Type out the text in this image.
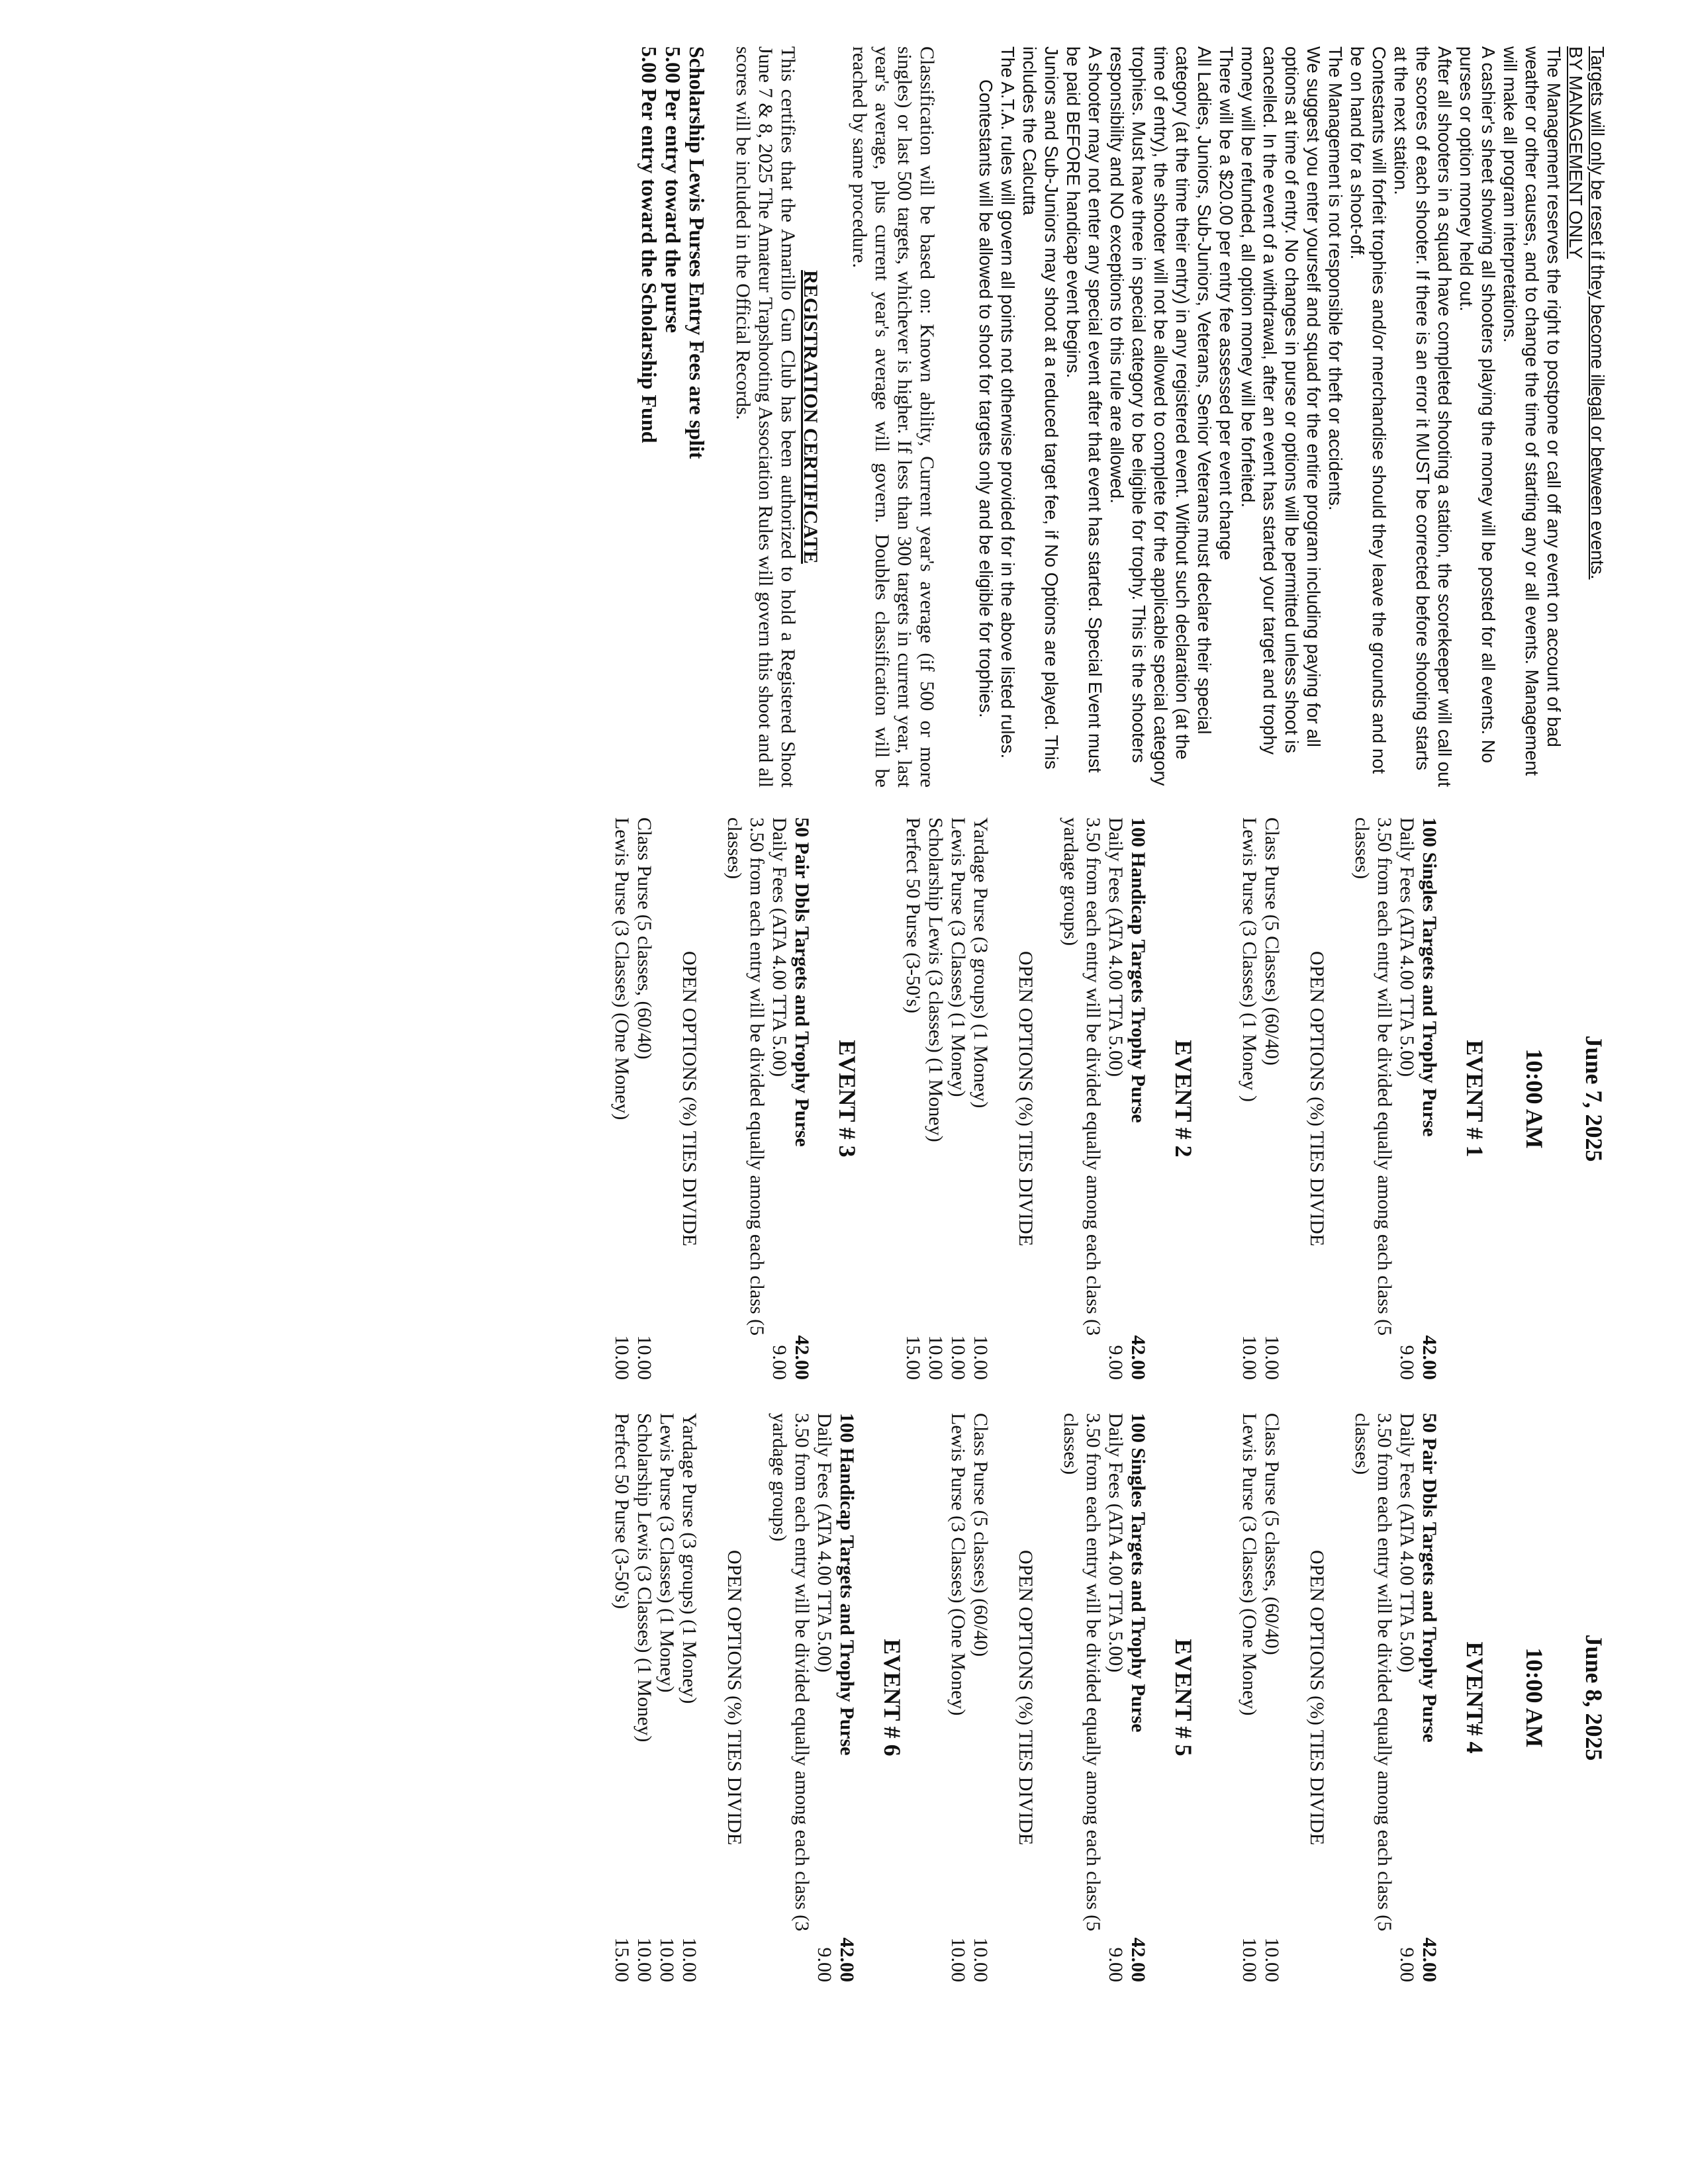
Targets will only be reset if they become illegal or between events.

BY MANAGEMENT ONLY

The Management reserves the right to postpone or call off any event on account of bad weather or other causes, and to change the time of starting any or all events. Management will make all program interpretations.

A cashier's sheet showing all shooters playing the money will be posted for all events. No purses or option money held out.

After all shooters in a squad have completed shooting a station, the scorekeeper will call out the scores of each shooter. If there is an error it MUST be corrected before shooting starts at the next station.

Contestants will forfeit trophies and/or merchandise should they leave the grounds and not be on hand for a shoot-off.

The Management is not responsible for theft or accidents.

We suggest you enter yourself and squad for the entire program including paying for all options at time of entry. No changes in purse or options will be permitted unless shoot is cancelled. In the event of a withdrawal, after an event has started your target and trophy money will be refunded, all option money will be forfeited.

There will be a $20.00 per entry fee assessed per event change

All Ladies, Juniors, Sub-Juniors, Veterans, Senior Veterans must declare their special category (at the time their entry) in any registered event. Without such declaration (at the time of entry), the shooter will not be allowed to complete for the applicable special category trophies. Must have three in special category to be eligible for trophy. This is the shooters responsibility and NO exceptions to this rule are allowed.

A shooter may not enter any special event after that event has started. Special Event must be paid BEFORE handicap event begins.

Juniors and Sub-Juniors may shoot at a reduced target fee, if No Options are played. This includes the Calcutta

The A.T.A. rules will govern all points not otherwise provided for in the above listed rules.

Contestants will be allowed to shoot for targets only and be eligible for trophies.

Classification will be based on: Known ability, Current year's average (if 500 or more singles) or last 500 targets, whichever is higher. If less than 300 targets in current year, last year's average, plus current year's average will govern. Doubles classification will be reached by same procedure.

REGISTRATION CERTIFICATE

This certifies that the Amarillo Gun Club has been authorized to hold a Registered Shoot June 7 & 8, 2025 The Amateur Trapshooting Association Rules will govern this shoot and all scores will be included in the Official Records.

Scholarship Lewis Purses Entry Fees are split

5.00 Per entry toward the purse

5.00 Per entry toward the Scholarship Fund

June 7, 2025
10:00 AM
EVENT # 1
100 Singles Targets and Trophy Purse
42.00
Daily Fees (ATA 4.00 TTA 5.00)
9.00
3.50 from each entry will be divided equally among each class (5 classes)
OPEN OPTIONS (%) TIES DIVIDE
Class Purse (5 Classes) (60/40)
10.00
Lewis Purse (3 Classes) (1 Money )
10.00
EVENT # 2
100 Handicap Targets Trophy Purse
42.00
Daily Fees (ATA 4.00 TTA 5.00)
9.00
3.50 from each entry will be divided equally among each class (3 yardage groups)
OPEN OPTIONS (%) TIES DIVIDE
Yardage Purse (3 groups) (1 Money)
10.00
Lewis Purse (3 Classes) (1 Money)
10.00
Scholarship Lewis (3 classes) (1 Money)
10.00
Perfect 50 Purse (3-50's)
15.00
EVENT # 3
50 Pair Dbls Targets and Trophy Purse
42.00
Daily Fees (ATA 4.00 TTA 5.00)
9.00
3.50 from each entry will be divided equally among each class (5 classes)
OPEN OPTIONS (%) TIES DIVIDE
Class Purse (5 classes, (60/40)
10.00
Lewis Purse (3 Classes) (One Money)
10.00
June 8, 2025
10:00 AM
EVENT# 4
50 Pair Dbls Targets and Trophy Purse
42.00
Daily Fees (ATA 4.00 TTA 5.00)
9.00
3.50 from each entry will be divided equally among each class (5 classes)
OPEN OPTIONS (%) TIES DIVIDE
Class Purse (5 classes, (60/40)
10.00
Lewis Purse (3 Classes) (One Money)
10.00
EVENT # 5
100 Singles Targets and Trophy Purse
42.00
Daily Fees (ATA 4.00 TTA 5.00)
9.00
3.50 from each entry will be divided equally among each class (5 classes)
OPEN OPTIONS (%) TIES DIVIDE
Class Purse (5 classes) (60/40)
10.00
Lewis Purse (3 Classes) (One Money)
10.00
EVENT # 6
100 Handicap Targets and Trophy Purse
42.00
Daily Fees (ATA 4.00 TTA 5.00)
9.00
3.50 from each entry will be divided equally among each class (3 yardage groups)
OPEN OPTIONS (%) TIES DIVIDE
Yardage Purse (3 groups) (1 Money)
10.00
Lewis Purse (3 Classes) (1 Money)
10.00
Scholarship Lewis (3 Classes) (1 Money)
10.00
Perfect 50 Purse (3-50's)
15.00
